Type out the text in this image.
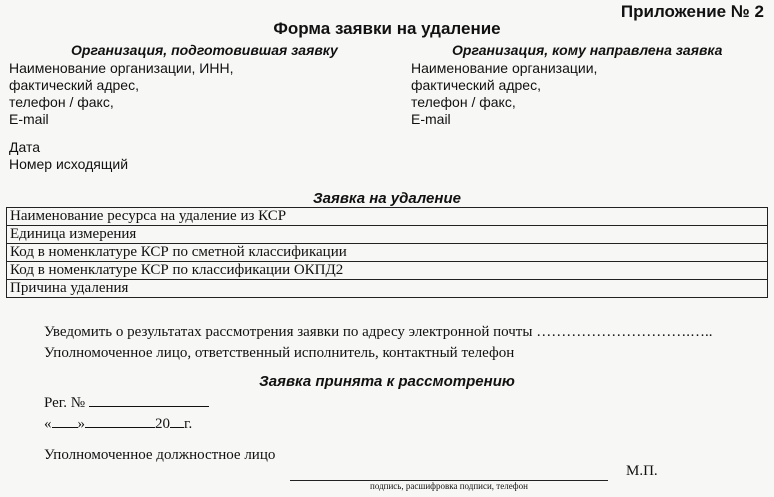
Приложение № 2
Форма заявки на удаление
Организация, подготовившая заявку
Наименование организации, ИНН,
фактический адрес,
телефон / факс,
E-mail
Организация, кому направлена заявка
Наименование организации,
фактический адрес,
телефон / факс,
E-mail
Дата
Номер исходящий
Заявка на удаление
Наименование ресурса на удаление из КСР
Единица измерения
Код в номенклатуре КСР по сметной классификации
Код в номенклатуре КСР по классификации ОКПД2
Причина удаления
Уведомить о результатах рассмотрения заявки по адресу электронной почты ………………………….…..
Уполномоченное лицо, ответственный исполнитель, контактный телефон
Заявка принята к рассмотрению
Рег. №
« »	20 г.
Уполномоченное должностное лицо
подпись, расшифровка подписи, телефон
М.П.
